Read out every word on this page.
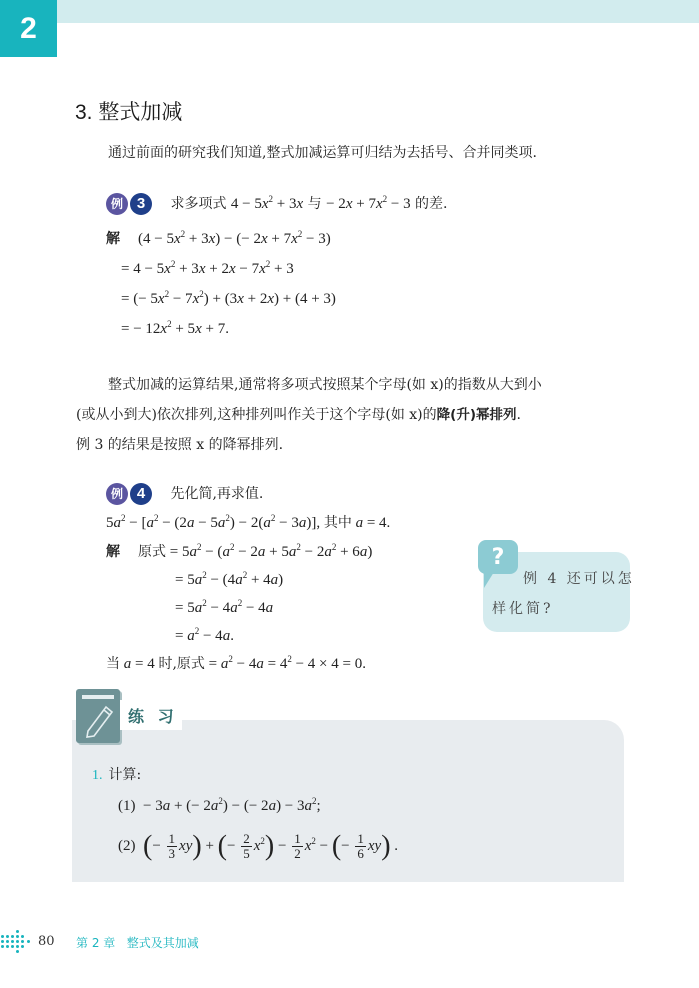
2
3. 整式加减
通过前面的研究我们知道,整式加减运算可归结为去括号、合并同类项.
例 3	求多项式 $4 - 5x^2 + 3x$ 与 − $2x + 7x^2 - 3$ 的差.
解 $(4 - 5x^2 + 3x)$ − (− $2x + 7x^2 - 3$)
= $4 - 5x^2 + 3x + 2x - 7x^2 + 3$
= (− $5x^2 - 7x^2) + (3x + 2x) + (4 + 3)$
= − $12x^2 + 5x + 7$.
整式加减的运算结果,通常将多项式按照某个字母(如 x)的指数从大到小
(或从小到大)依次排列,这种排列叫作关于这个字母(如 x)的降(升)幂排列.
例 3 的结果是按照 x 的降幂排列.
例 4	先化简,再求值.
$5a^2 - [a^2 - (2a - 5a^2) - 2(a^2 - 3a)]$, 其中 a = 4.
解 原式 = $5a^2 - (a^2 - 2a + 5a^2 - 2a^2 + 6a)$
= $5a^2 - (4a^2 + 4a)$
= $5a^2 - 4a^2 - 4a$
= $a^2 - 4a$.
当 a = 4 时,原式 = $a^2 - 4a = 4^2 - 4 \times 4 = 0$.
?
例 4 还可以怎
样化简?
练 习
1. 计算:
(1)  − 3a + (− $2a^2$) − (− $2a) - 3a^2$;
(2) (− $\frac{1}{3} xy$) + (− $\frac{2}{5} x^2) - \frac{1}{2} x^2$ − (− $\frac{1}{6} xy$) .
80 第 2 章   整式及其加减
